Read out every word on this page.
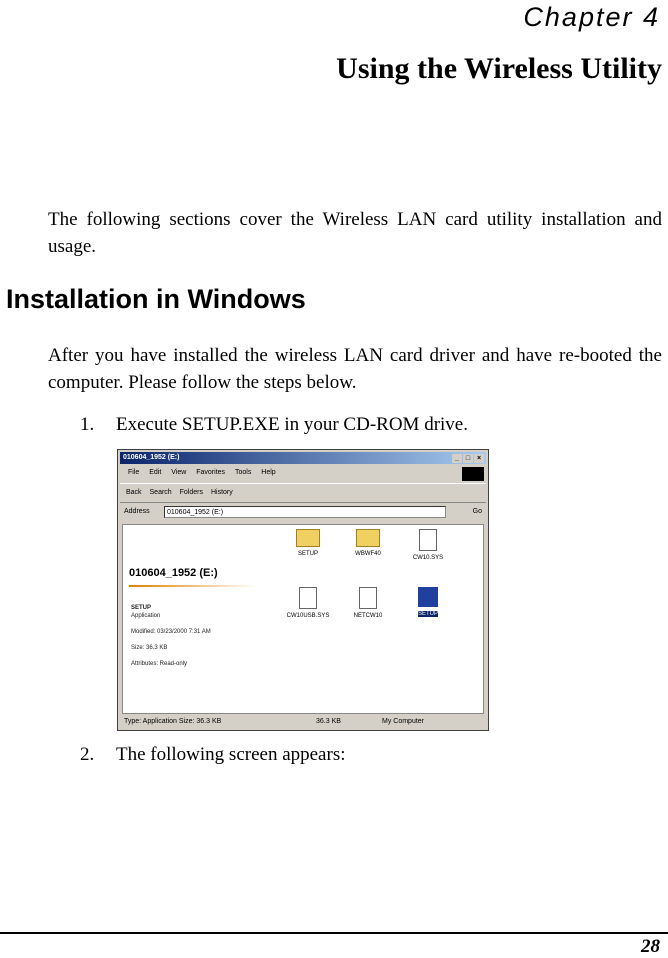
Chapter 4
Using the Wireless Utility
The following sections cover the Wireless LAN card utility installation and usage.
Installation in Windows
After you have installed the wireless LAN card driver and have re-booted the computer. Please follow the steps below.
1. Execute SETUP.EXE in your CD-ROM drive.
010604_1952 (E:)	_ □ ×
File Edit View Favorites Tools Help
Back Search Folders History
Address	010604_1952 (E:)	Go
010604_1952 (E:)
SETUP
Application
Modified: 03/23/2000 7:31 AM
Size: 36.3 KB
Attributes: Read-only
SETUP	WBWF40
CW10.SYS
CW10USB.SYS	NETCW10	SETUP
Type: Application Size: 36.3 KB	36.3 KB	My Computer
2. The following screen appears:
28
